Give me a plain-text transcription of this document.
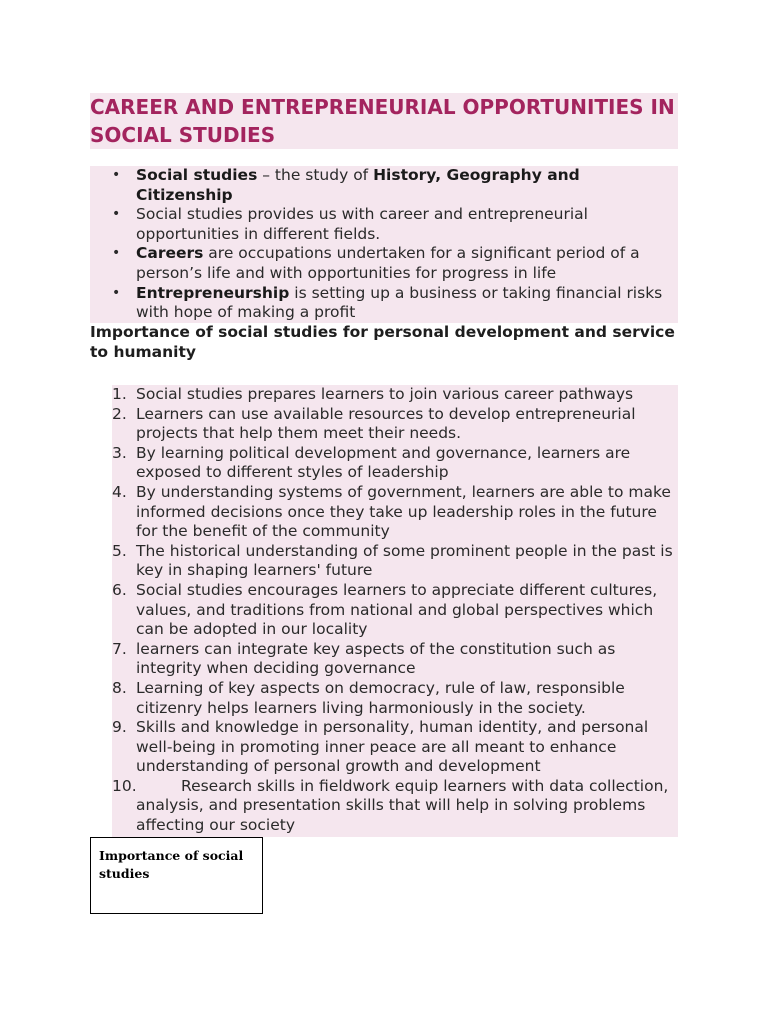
CAREER AND ENTREPRENEURIAL OPPORTUNITIES IN SOCIAL STUDIES
• Social studies – the study of History, Geography and Citizenship
• Social studies provides us with career and entrepreneurial opportunities in different fields.
• Careers are occupations undertaken for a significant period of a person’s life and with opportunities for progress in life
• Entrepreneurship is setting up a business or taking financial risks with hope of making a profit
Importance of social studies for personal development and service to humanity
1. Social studies prepares learners to join various career pathways
2. Learners can use available resources to develop entrepreneurial projects that help them meet their needs.
3. By learning political development and governance, learners are exposed to different styles of leadership
4. By understanding systems of government, learners are able to make informed decisions once they take up leadership roles in the future for the benefit of the community
5. The historical understanding of some prominent people in the past is key in shaping learners' future
6. Social studies encourages learners to appreciate different cultures, values, and traditions from national and global perspectives which can be adopted in our locality
7. learners can integrate key aspects of the constitution such as integrity when deciding governance
8. Learning of key aspects on democracy, rule of law, responsible citizenry helps learners living harmoniously in the society.
9. Skills and knowledge in personality, human identity, and personal well-being in promoting inner peace are all meant to enhance understanding of personal growth and development
10.	Research skills in fieldwork equip learners with data collection, analysis, and presentation skills that will help in solving problems affecting our society
Importance of social studies
